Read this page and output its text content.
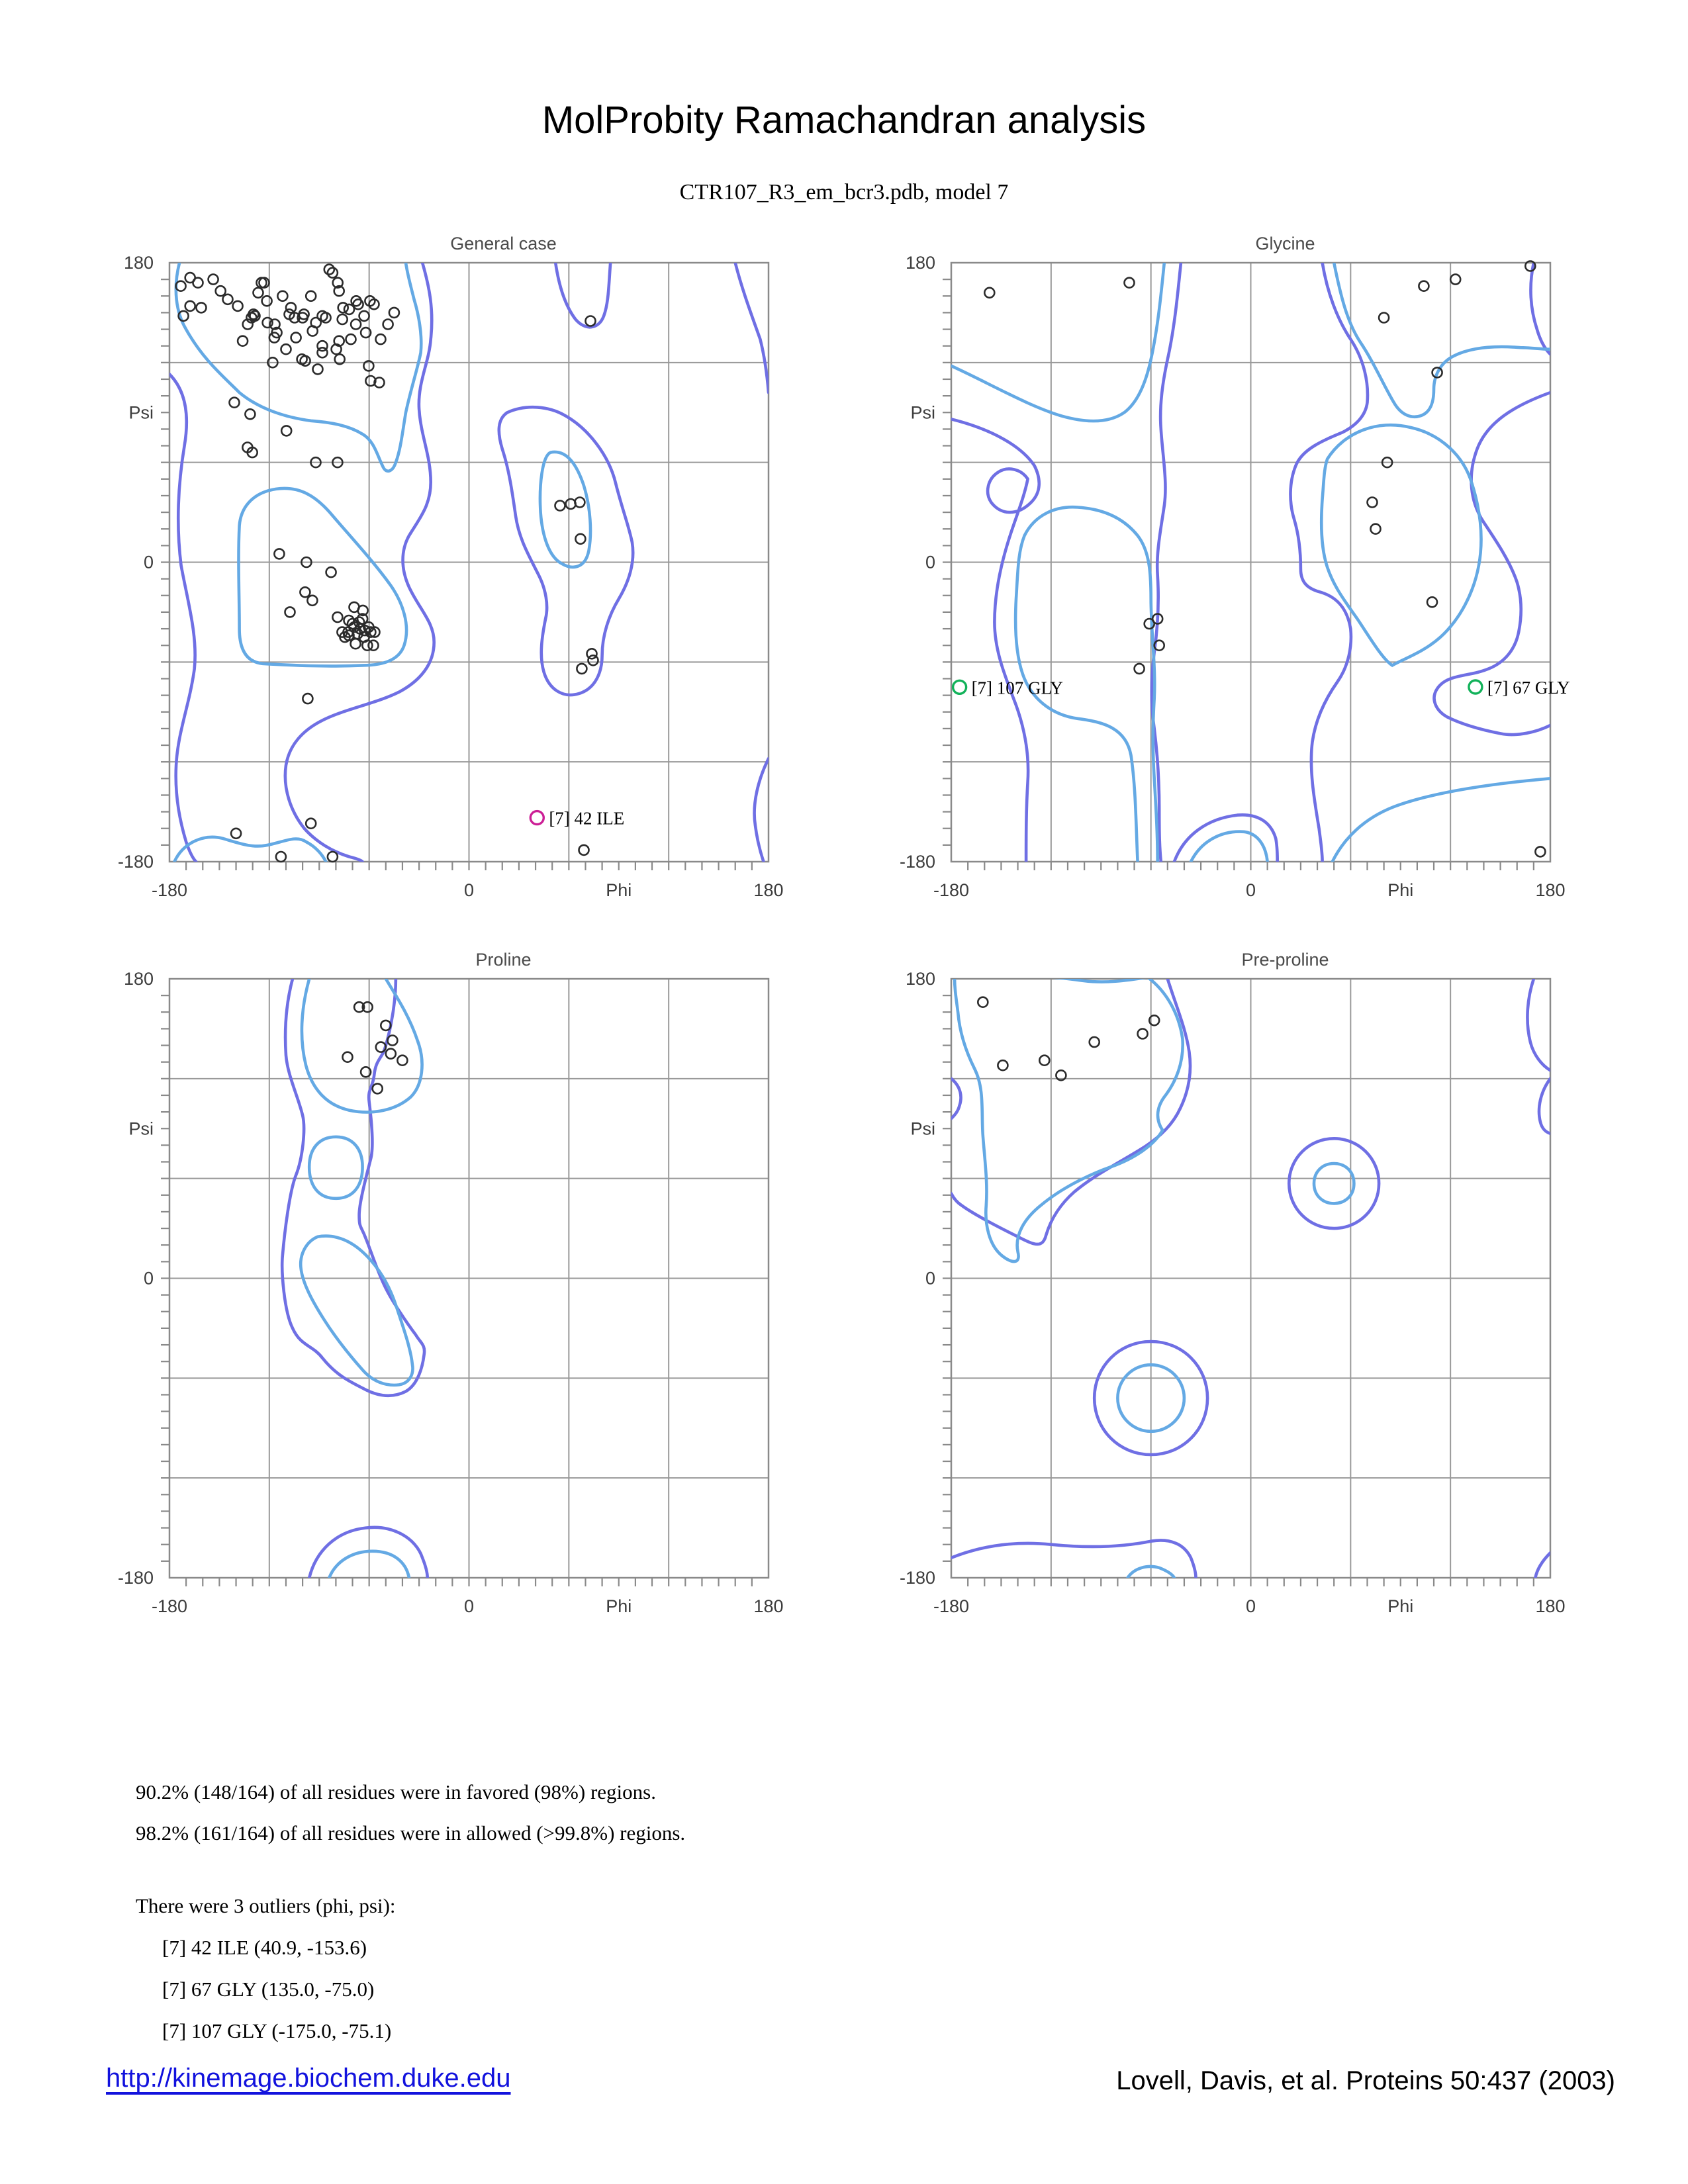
[7] 42 ILE
General case
180
Psi
0
-180
-180	0	Phi	180
[7] 107 GLY	[7] 67 GLY
Glycine
180
Psi
0
-180
-180	0	Phi	180
Proline
180
Psi
0
-180
-180	0	Phi	180
Pre-proline
180
Psi
0
-180
-180	0	Phi	180
MolProbity Ramachandran analysis
CTR107_R3_em_bcr3.pdb, model 7
90.2% (148/164) of all residues were in favored (98%) regions.
98.2% (161/164) of all residues were in allowed (>99.8%) regions.
There were 3 outliers (phi, psi):
[7] 42 ILE (40.9, -153.6)
[7] 67 GLY (135.0, -75.0)
[7] 107 GLY (-175.0, -75.1)
http://kinemage.biochem.duke.edu	Lovell, Davis, et al. Proteins 50:437 (2003)
